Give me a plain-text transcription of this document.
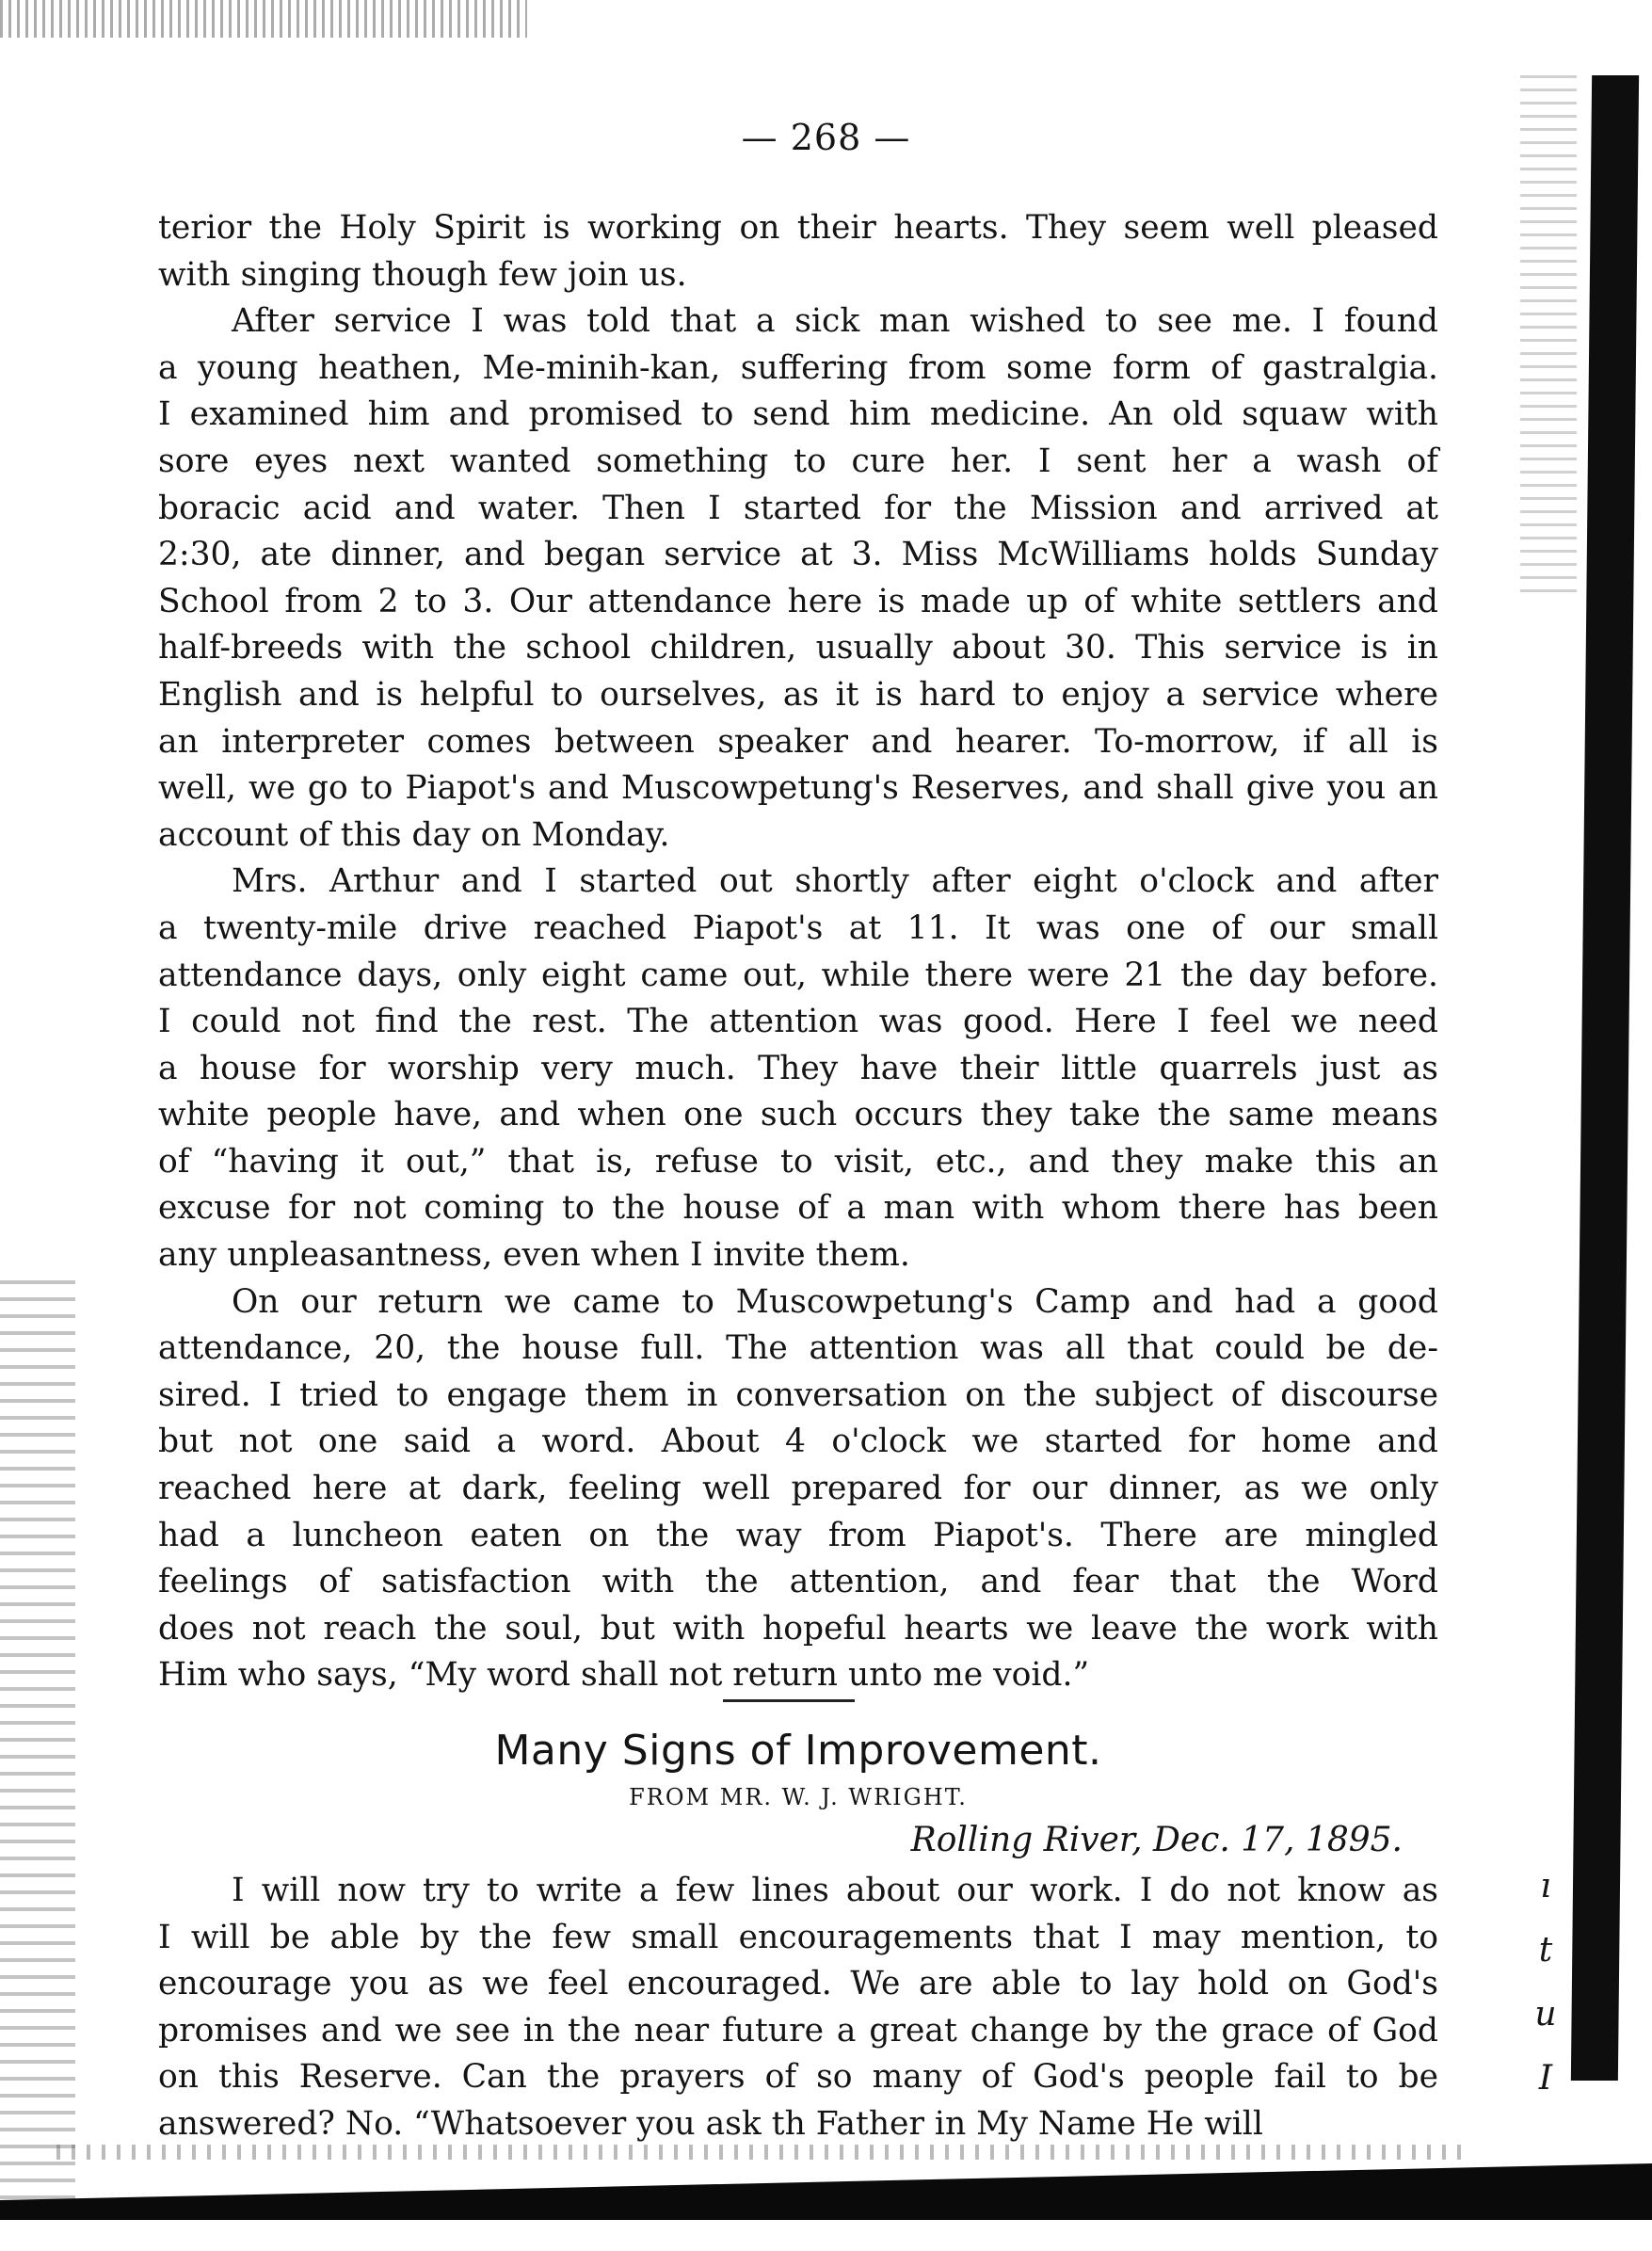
— 268 —

terior the Holy Spirit is working on their hearts. They seem well pleased

with singing though few join us.

After service I was told that a sick man wished to see me. I found

a young heathen, Me-minih-kan, suffering from some form of gastralgia.

I examined him and promised to send him medicine. An old squaw with

sore eyes next wanted something to cure her. I sent her a wash of

boracic acid and water. Then I started for the Mission and arrived at

2:30, ate dinner, and began service at 3. Miss McWilliams holds Sunday

School from 2 to 3. Our attendance here is made up of white settlers and

half-breeds with the school children, usually about 30. This service is in

English and is helpful to ourselves, as it is hard to enjoy a service where

an interpreter comes between speaker and hearer. To-morrow, if all is

well, we go to Piapot's and Muscowpetung's Reserves, and shall give you an

account of this day on Monday.

Mrs. Arthur and I started out shortly after eight o'clock and after

a twenty-mile drive reached Piapot's at 11. It was one of our small

attendance days, only eight came out, while there were 21 the day before.

I could not find the rest. The attention was good. Here I feel we need

a house for worship very much. They have their little quarrels just as

white people have, and when one such occurs they take the same means

of “having it out,” that is, refuse to visit, etc., and they make this an

excuse for not coming to the house of a man with whom there has been

any unpleasantness, even when I invite them.

On our return we came to Muscowpetung's Camp and had a good

attendance, 20, the house full. The attention was all that could be de-

sired. I tried to engage them in conversation on the subject of discourse

but not one said a word. About 4 o'clock we started for home and

reached here at dark, feeling well prepared for our dinner, as we only

had a luncheon eaten on the way from Piapot's. There are mingled

feelings of satisfaction with the attention, and fear that the Word

does not reach the soul, but with hopeful hearts we leave the work with

Him who says, “My word shall not return unto me void.”

Many Signs of Improvement.
FROM MR. W. J. WRIGHT.
Rolling River, Dec. 17, 1895.

I will now try to write a few lines about our work. I do not know as

I will be able by the few small encouragements that I may mention, to

encourage you as we feel encouraged. We are able to lay hold on God's

promises and we see in the near future a great change by the grace of God

on this Reserve. Can the prayers of so many of God's people fail to be

answered? No. “Whatsoever you ask th Father in My Name He will

ı
t
u
I
